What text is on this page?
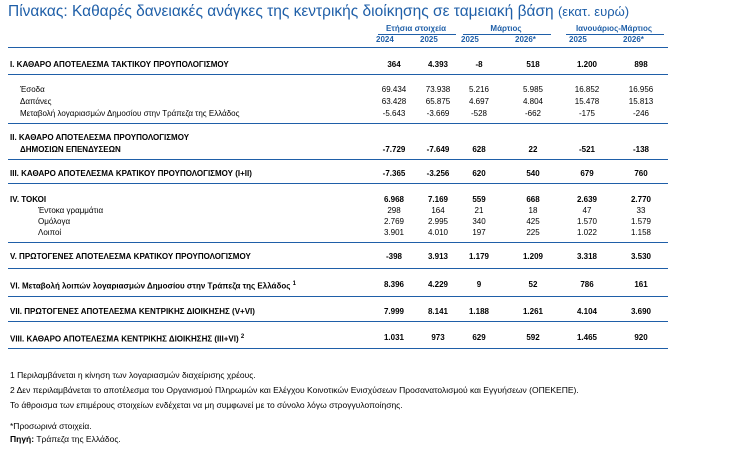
Πίνακας: Καθαρές δανειακές ανάγκες της κεντρικής διοίκησης σε ταμειακή βάση (εκατ. ευρώ)
Ετήσια στοιχεία	Μάρτιος	Ιανουάριος-Μάρτιος
2024	2025	2025	2026*	2025	2026*
I. ΚΑΘΑΡΟ ΑΠΟΤΕΛΕΣΜΑ ΤΑΚΤΙΚΟΥ ΠΡΟΥΠΟΛΟΓΙΣΜΟΥ	364	4.393	-8	518	1.200	898
Έσοδα	69.434	73.938	5.216	5.985	16.852	16.956
Δαπάνες	63.428	65.875	4.697	4.804	15.478	15.813
Μεταβολή λογαριασμών Δημοσίου στην Τράπεζα της Ελλάδος	-5.643	-3.669	-528	-662	-175	-246
II. ΚΑΘΑΡΟ ΑΠΟΤΕΛΕΣΜΑ ΠΡΟΥΠΟΛΟΓΙΣΜΟΥ
ΔΗΜΟΣΙΩΝ ΕΠΕΝΔΥΣΕΩΝ	-7.729	-7.649	628	22	-521	-138
III. ΚΑΘΑΡΟ ΑΠΟΤΕΛΕΣΜΑ ΚΡΑΤΙΚΟΥ ΠΡΟΥΠΟΛΟΓΙΣΜΟΥ (I+II)	-7.365	-3.256	620	540	679	760
IV. ΤΟΚΟΙ	6.968	7.169	559	668	2.639	2.770
Έντοκα γραμμάτια	298	164	21	18	47	33
Ομόλογα	2.769	2.995	340	425	1.570	1.579
Λοιποί	3.901	4.010	197	225	1.022	1.158
V. ΠΡΩΤΟΓΕΝΕΣ ΑΠΟΤΕΛΕΣΜΑ ΚΡΑΤΙΚΟΥ ΠΡΟΥΠΟΛΟΓΙΣΜΟΥ	-398	3.913	1.179	1.209	3.318	3.530
VI. Μεταβολή λοιπών λογαριασμών Δημοσίου στην Τράπεζα της Ελλάδος $^1$	8.396	4.229	9	52	786	161
VII. ΠΡΩΤΟΓΕΝΕΣ ΑΠΟΤΕΛΕΣΜΑ ΚΕΝΤΡΙΚΗΣ ΔΙΟΙΚΗΣΗΣ (V+VI)	7.999	8.141	1.188	1.261	4.104	3.690
VIII. ΚΑΘΑΡΟ ΑΠΟΤΕΛΕΣΜΑ ΚΕΝΤΡΙΚΗΣ ΔΙΟΙΚΗΣΗΣ (III+VI) $^2$	1.031	973	629	592	1.465	920
1 Περιλαμβάνεται η κίνηση των λογαριασμών διαχείρισης χρέους.
2 Δεν περιλαμβάνεται το αποτέλεσμα του Οργανισμού Πληρωμών και Ελέγχου Κοινοτικών Ενισχύσεων Προσανατολισμού και Εγγυήσεων (ΟΠΕΚΕΠΕ).
Το άθροισμα των επιμέρους στοιχείων ενδέχεται να μη συμφωνεί με το σύνολο λόγω στρογγυλοποίησης.
*Προσωρινά στοιχεία.
Πηγή: Τράπεζα της Ελλάδος.
